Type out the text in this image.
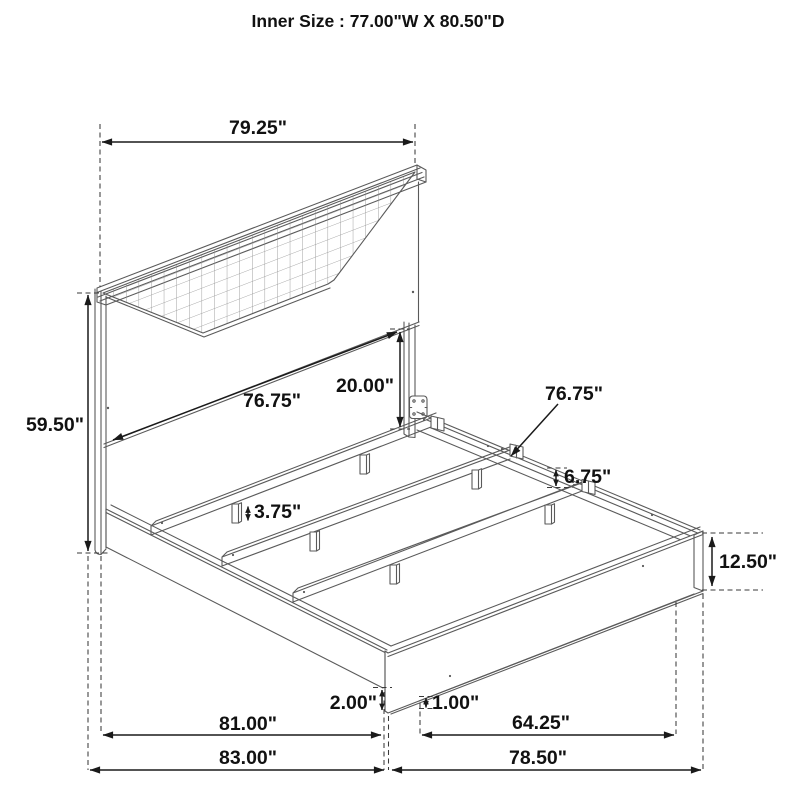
Inner Size : 77.00"W X 80.50"D
79.25"
59.50"
76.75"
20.00"	76.75"
6.75"
3.75"
12.50"
2.00"	1.00"
81.00"	64.25"
83.00"	78.50"
